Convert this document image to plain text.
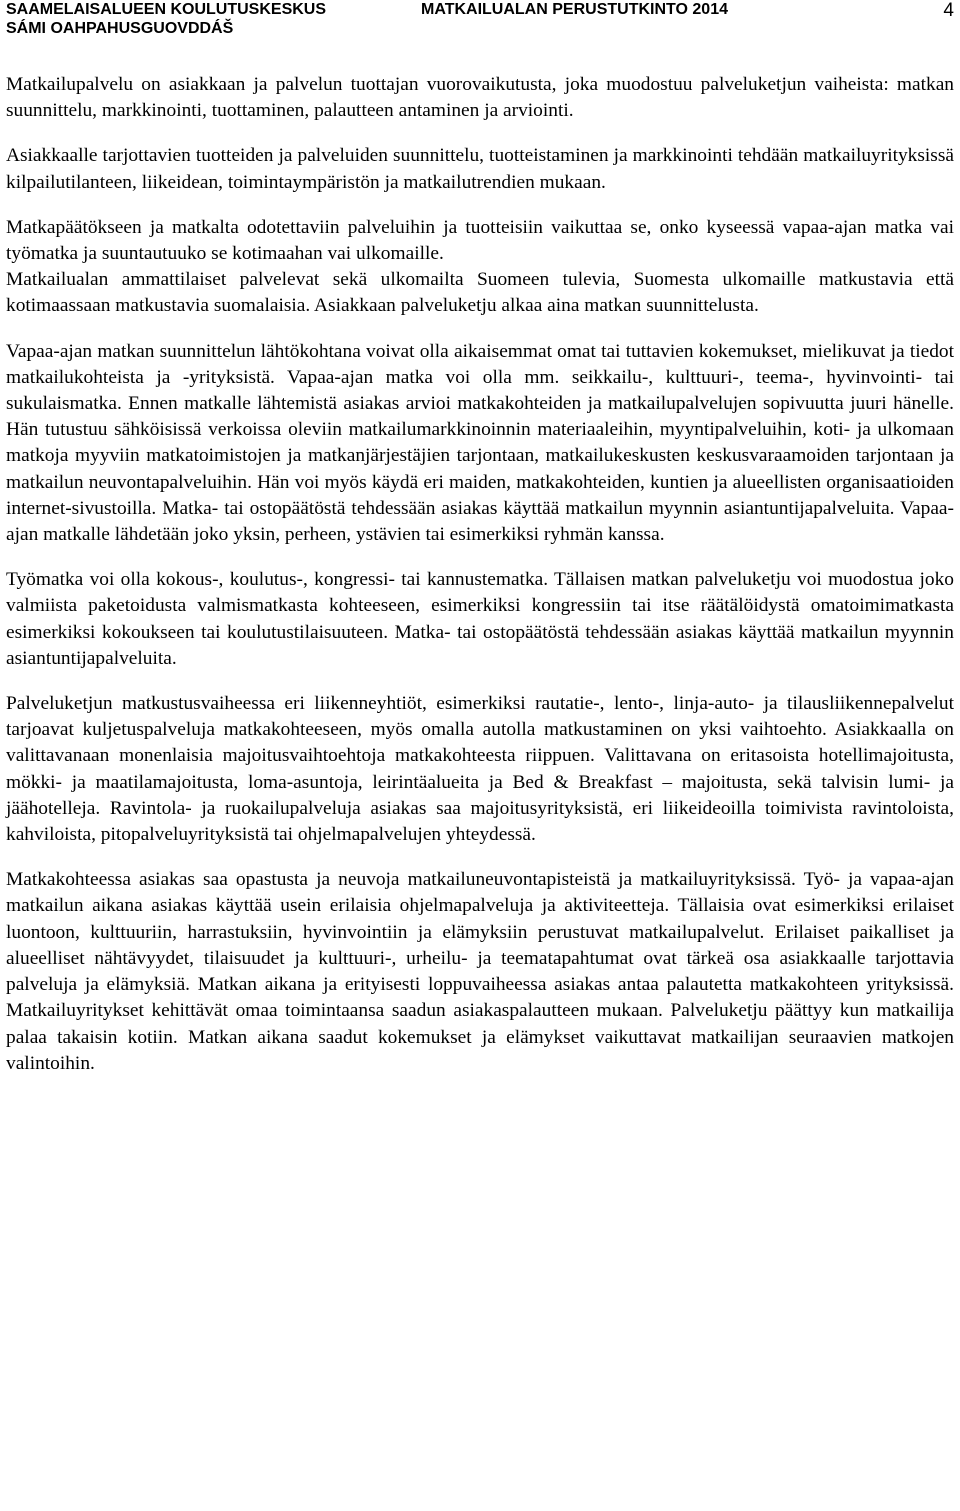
SAAMELAISALUEEN KOULUTUSKESKUS
SÁMI OAHPAHUSGUOVDDÁŠ
MATKAILUALAN PERUSTUTKINTO 2014	4

Matkailupalvelu on asiakkaan ja palvelun tuottajan vuorovaikutusta, joka muodostuu palveluketjun vaiheista: matkan suunnittelu, markkinointi, tuottaminen, palautteen antaminen ja arviointi.

Asiakkaalle tarjottavien tuotteiden ja palveluiden suunnittelu, tuotteistaminen ja markkinointi tehdään matkailuyrityksissä kilpailutilanteen, liikeidean, toimintaympäristön ja matkailutrendien mukaan.

Matkapäätökseen ja matkalta odotettaviin palveluihin ja tuotteisiin vaikuttaa se, onko kyseessä vapaa-ajan matka vai työmatka ja suuntautuuko se kotimaahan vai ulkomaille.

Matkailualan ammattilaiset palvelevat sekä ulkomailta Suomeen tulevia, Suomesta ulkomaille matkustavia että kotimaassaan matkustavia suomalaisia. Asiakkaan palveluketju alkaa aina matkan suunnittelusta.

Vapaa-ajan matkan suunnittelun lähtökohtana voivat olla aikaisemmat omat tai tuttavien kokemukset, mielikuvat ja tiedot matkailukohteista ja -yrityksistä. Vapaa-ajan matka voi olla mm. seikkailu-, kulttuuri-, teema-, hyvinvointi- tai sukulaismatka. Ennen matkalle lähtemistä asiakas arvioi matkakohteiden ja matkailupalvelujen sopivuutta juuri hänelle. Hän tutustuu sähköisissä verkoissa oleviin matkailumarkkinoinnin materiaaleihin, myyntipalveluihin, koti- ja ulkomaan matkoja myyviin matkatoimistojen ja matkanjärjestäjien tarjontaan, matkailukeskusten keskusvaraamoiden tarjontaan ja matkailun neuvontapalveluihin. Hän voi myös käydä eri maiden, matkakohteiden, kuntien ja alueellisten organisaatioiden internet-sivustoilla. Matka- tai ostopäätöstä tehdessään asiakas käyttää matkailun myynnin asiantuntijapalveluita. Vapaa-ajan matkalle lähdetään joko yksin, perheen, ystävien tai esimerkiksi ryhmän kanssa.

Työmatka voi olla kokous-, koulutus-, kongressi- tai kannustematka. Tällaisen matkan palveluketju voi muodostua joko valmiista paketoidusta valmismatkasta kohteeseen, esimerkiksi kongressiin tai itse räätälöidystä omatoimimatkasta esimerkiksi kokoukseen tai koulutustilaisuuteen. Matka- tai ostopäätöstä tehdessään asiakas käyttää matkailun myynnin asiantuntijapalveluita.

Palveluketjun matkustusvaiheessa eri liikenneyhtiöt, esimerkiksi rautatie-, lento-, linja-auto- ja tilausliikennepalvelut tarjoavat kuljetuspalveluja matkakohteeseen, myös omalla autolla matkustaminen on yksi vaihtoehto. Asiakkaalla on valittavanaan monenlaisia majoitusvaihtoehtoja matkakohteesta riippuen. Valittavana on eritasoista hotellimajoitusta, mökki- ja maatilamajoitusta, loma-asuntoja, leirintäalueita ja Bed & Breakfast – majoitusta, sekä talvisin lumi- ja jäähotelleja. Ravintola- ja ruokailupalveluja asiakas saa majoitusyrityksistä, eri liikeideoilla toimivista ravintoloista, kahviloista, pitopalveluyrityksistä tai ohjelmapalvelujen yhteydessä.

Matkakohteessa asiakas saa opastusta ja neuvoja matkailuneuvontapisteistä ja matkailuyrityksissä. Työ- ja vapaa-ajan matkailun aikana asiakas käyttää usein erilaisia ohjelmapalveluja ja aktiviteetteja. Tällaisia ovat esimerkiksi erilaiset luontoon, kulttuuriin, harrastuksiin, hyvinvointiin ja elämyksiin perustuvat matkailupalvelut. Erilaiset paikalliset ja alueelliset nähtävyydet, tilaisuudet ja kulttuuri-, urheilu- ja teematapahtumat ovat tärkeä osa asiakkaalle tarjottavia palveluja ja elämyksiä. Matkan aikana ja erityisesti loppuvaiheessa asiakas antaa palautetta matkakohteen yrityksissä. Matkailuyritykset kehittävät omaa toimintaansa saadun asiakaspalautteen mukaan. Palveluketju päättyy kun matkailija palaa takaisin kotiin. Matkan aikana saadut kokemukset ja elämykset vaikuttavat matkailijan seuraavien matkojen valintoihin.
